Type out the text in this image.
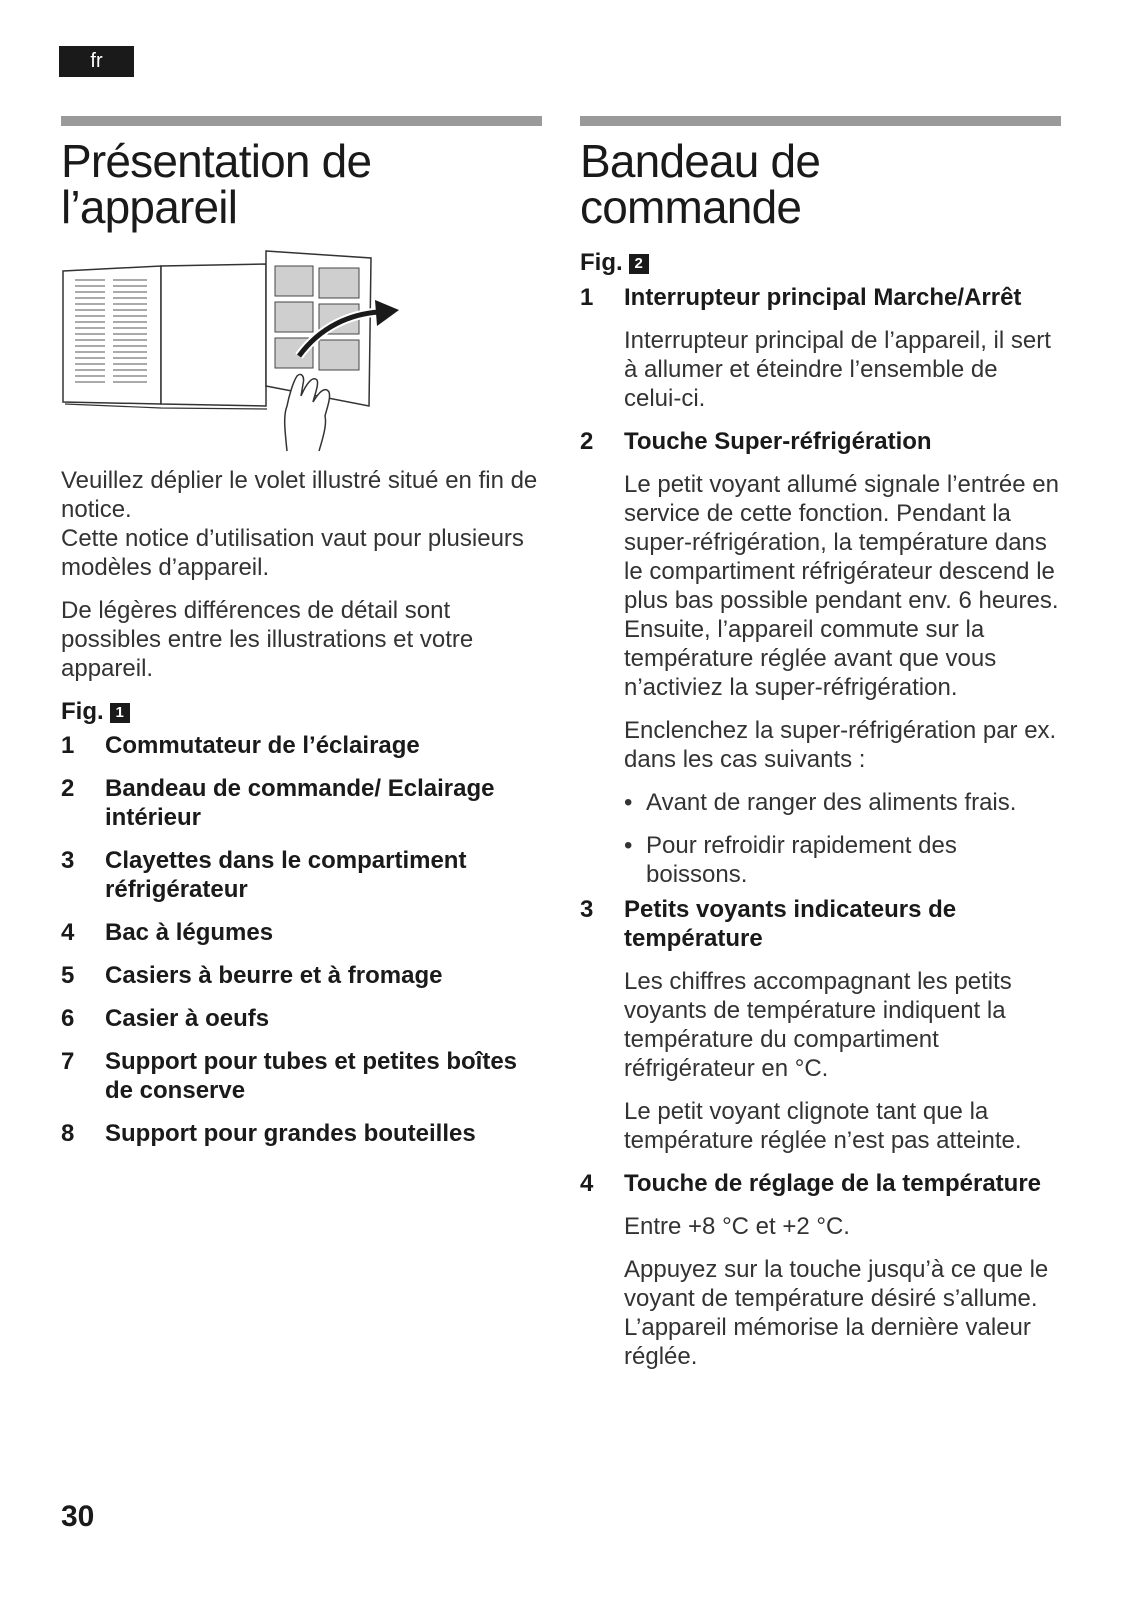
fr
Présentation de
l’appareil

Veuillez déplier le volet illustré situé en fin de notice.
Cette notice d’utilisation vaut pour plusieurs modèles d’appareil.

De légères différences de détail sont possibles entre les illustrations et votre appareil.

Fig. 1
1	Commutateur de l’éclairage
2	Bandeau de commande/ Eclairage intérieur
3	Clayettes dans le compartiment réfrigérateur
4	Bac à légumes
5	Casiers à beurre et à fromage
6	Casier à oeufs
7	Support pour tubes et petites boîtes de conserve
8	Support pour grandes bouteilles
Bandeau de
commande
Fig. 2
1	Interrupteur principal Marche/Arrêt

Interrupteur principal de l’appareil, il sert à allumer et éteindre l’ensemble de celui-ci.

2	Touche Super-réfrigération

Le petit voyant allumé signale l’entrée en service de cette fonction. Pendant la super-réfrigération, la température dans le compartiment réfrigérateur descend le plus bas possible pendant env. 6 heures. Ensuite, l’appareil commute sur la température réglée avant que vous n’activiez la super-réfrigération.

Enclenchez la super-réfrigération par ex. dans les cas suivants :

• Avant de ranger des aliments frais.
• Pour refroidir rapidement des boissons.
3	Petits voyants indicateurs de température

Les chiffres accompagnant les petits voyants de température indiquent la température du compartiment réfrigérateur en °C.

Le petit voyant clignote tant que la température réglée n’est pas atteinte.

4	Touche de réglage de la température

Entre +8 °C et +2 °C.

Appuyez sur la touche jusqu’à ce que le voyant de température désiré s’allume. L’appareil mémorise la dernière valeur réglée.

30
